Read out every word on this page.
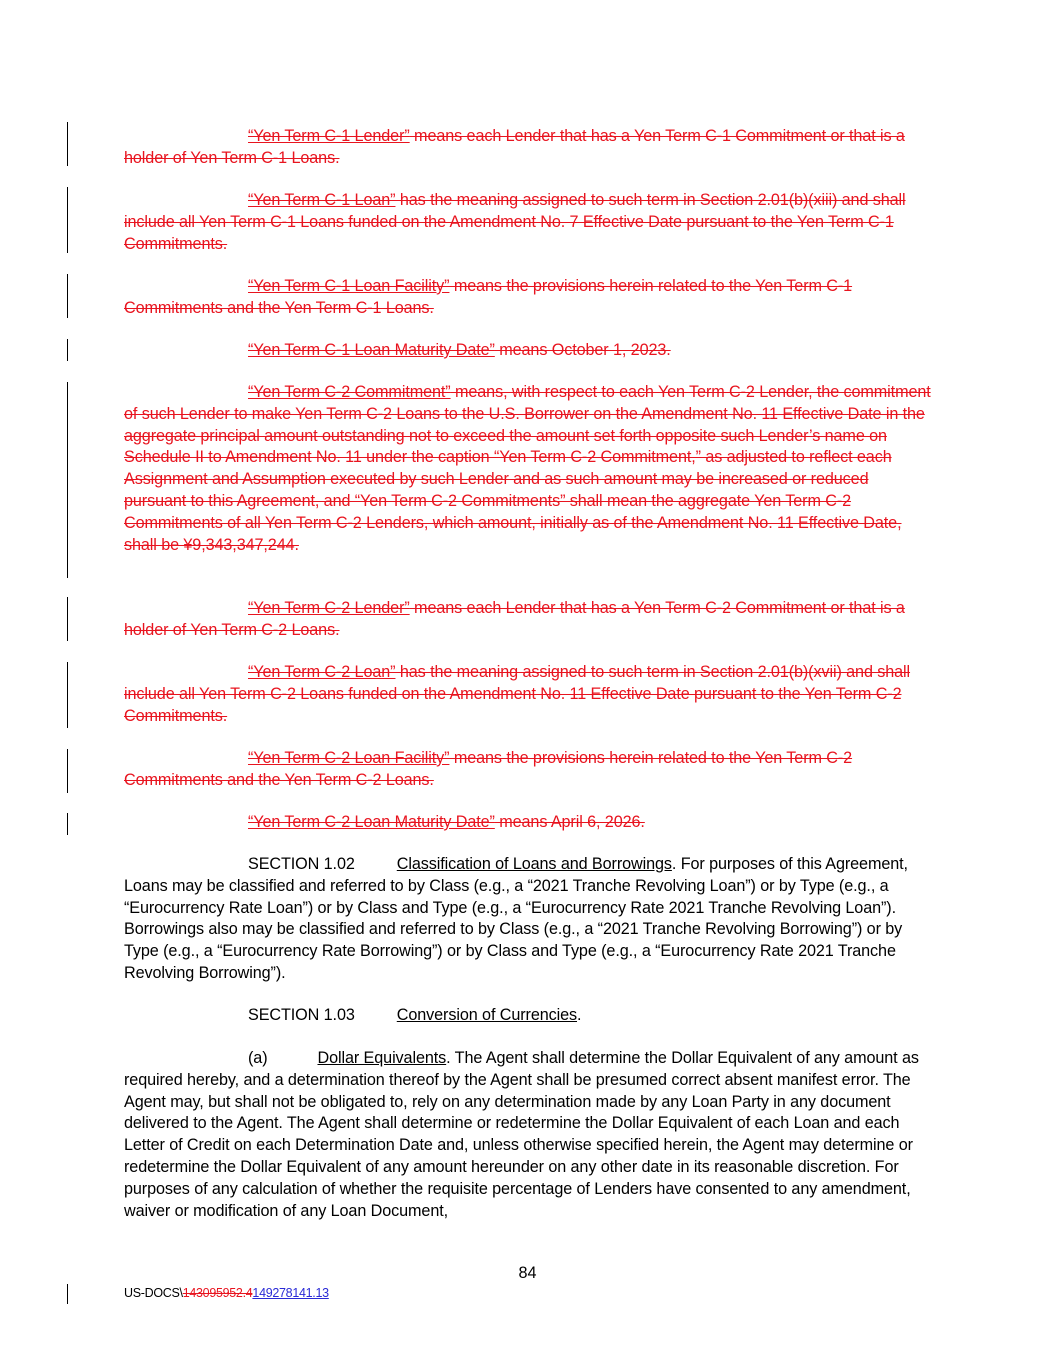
“Yen Term C-1 Lender” means each Lender that has a Yen Term C-1 Commitment or that is a holder of Yen Term C-1 Loans.

“Yen Term C-1 Loan” has the meaning assigned to such term in Section 2.01(b)(xiii) and shall include all Yen Term C-1 Loans funded on the Amendment No. 7 Effective Date pursuant to the Yen Term C-1 Commitments.

“Yen Term C-1 Loan Facility” means the provisions herein related to the Yen Term C-1 Commitments and the Yen Term C-1 Loans.

“Yen Term C-1 Loan Maturity Date” means October 1, 2023.

“Yen Term C-2 Commitment” means, with respect to each Yen Term C-2 Lender, the commitment of such Lender to make Yen Term C-2 Loans to the U.S. Borrower on the Amendment No. 11 Effective Date in the aggregate principal amount outstanding not to exceed the amount set forth opposite such Lender’s name on Schedule II to Amendment No. 11 under the caption “Yen Term C-2 Commitment,” as adjusted to reflect each Assignment and Assumption executed by such Lender and as such amount may be increased or reduced pursuant to this Agreement, and “Yen Term C-2 Commitments” shall mean the aggregate Yen Term C-2 Commitments of all Yen Term C-2 Lenders, which amount, initially as of the Amendment No. 11 Effective Date, shall be ¥9,343,347,244.

“Yen Term C-2 Lender” means each Lender that has a Yen Term C-2 Commitment or that is a holder of Yen Term C-2 Loans.

“Yen Term C-2 Loan” has the meaning assigned to such term in Section 2.01(b)(xvii) and shall include all Yen Term C-2 Loans funded on the Amendment No. 11 Effective Date pursuant to the Yen Term C-2 Commitments.

“Yen Term C-2 Loan Facility” means the provisions herein related to the Yen Term C-2 Commitments and the Yen Term C-2 Loans.

“Yen Term C-2 Loan Maturity Date” means April 6, 2026.

SECTION 1.02	Classification of Loans and Borrowings. For purposes of this Agreement, Loans may be classified and referred to by Class (e.g., a “2021 Tranche Revolving Loan”) or by Type (e.g., a “Eurocurrency Rate Loan”) or by Class and Type (e.g., a “Eurocurrency Rate 2021 Tranche Revolving Loan”). Borrowings also may be classified and referred to by Class (e.g., a “2021 Tranche Revolving Borrowing”) or by Type (e.g., a “Eurocurrency Rate Borrowing”) or by Class and Type (e.g., a “Eurocurrency Rate 2021 Tranche Revolving Borrowing”).

SECTION 1.03	Conversion of Currencies.

(a)	Dollar Equivalents. The Agent shall determine the Dollar Equivalent of any amount as required hereby, and a determination thereof by the Agent shall be presumed correct absent manifest error. The Agent may, but shall not be obligated to, rely on any determination made by any Loan Party in any document delivered to the Agent. The Agent shall determine or redetermine the Dollar Equivalent of each Loan and each Letter of Credit on each Determination Date and, unless otherwise specified herein, the Agent may determine or redetermine the Dollar Equivalent of any amount hereunder on any other date in its reasonable discretion. For purposes of any calculation of whether the requisite percentage of Lenders have consented to any amendment, waiver or modification of any Loan Document,

84
US-DOCS\143095952.4149278141.13
